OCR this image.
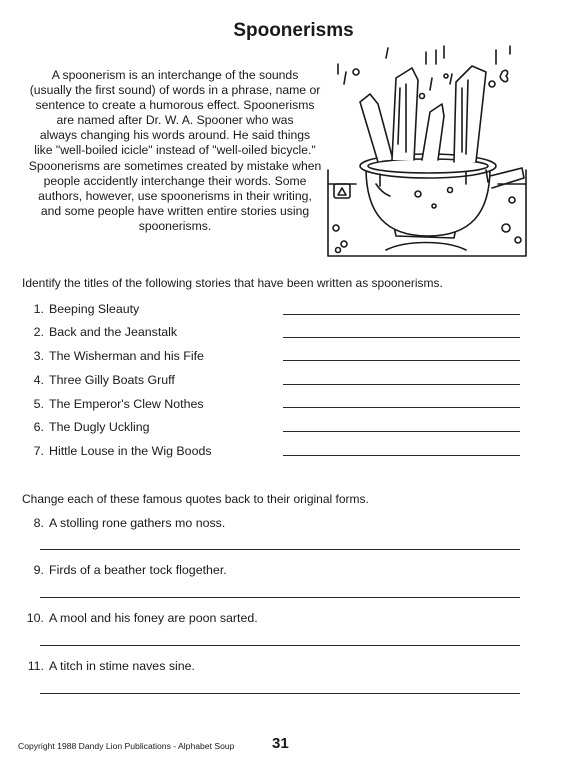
Spoonerisms

A spoonerism is an interchange of the sounds
(usually the first sound) of words in a phrase, name or
sentence to create a humorous effect. Spoonerisms
are named after Dr. W. A. Spooner who was
always changing his words around. He said things
like "well-boiled icicle" instead of "well-oiled bicycle."
Spoonerisms are sometimes created by mistake when
people accidently interchange their words. Some
authors, however, use spoonerisms in their writing,
and some people have written entire stories using
spoonerisms.

Identify the titles of the following stories that have been written as spoonerisms.
1. Beeping Sleauty
2. Back and the Jeanstalk
3. The Wisherman and his Fife
4. Three Gilly Boats Gruff
5. The Emperor's Clew Nothes
6. The Dugly Uckling
7. Hittle Louse in the Wig Boods
Change each of these famous quotes back to their original forms.
8. A stolling rone gathers mo noss.
9. Firds of a beather tock flogether.
10. A mool and his foney are poon sarted.
11. A titch in stime naves sine.
Copyright 1988 Dandy Lion Publications - Alphabet Soup	31
